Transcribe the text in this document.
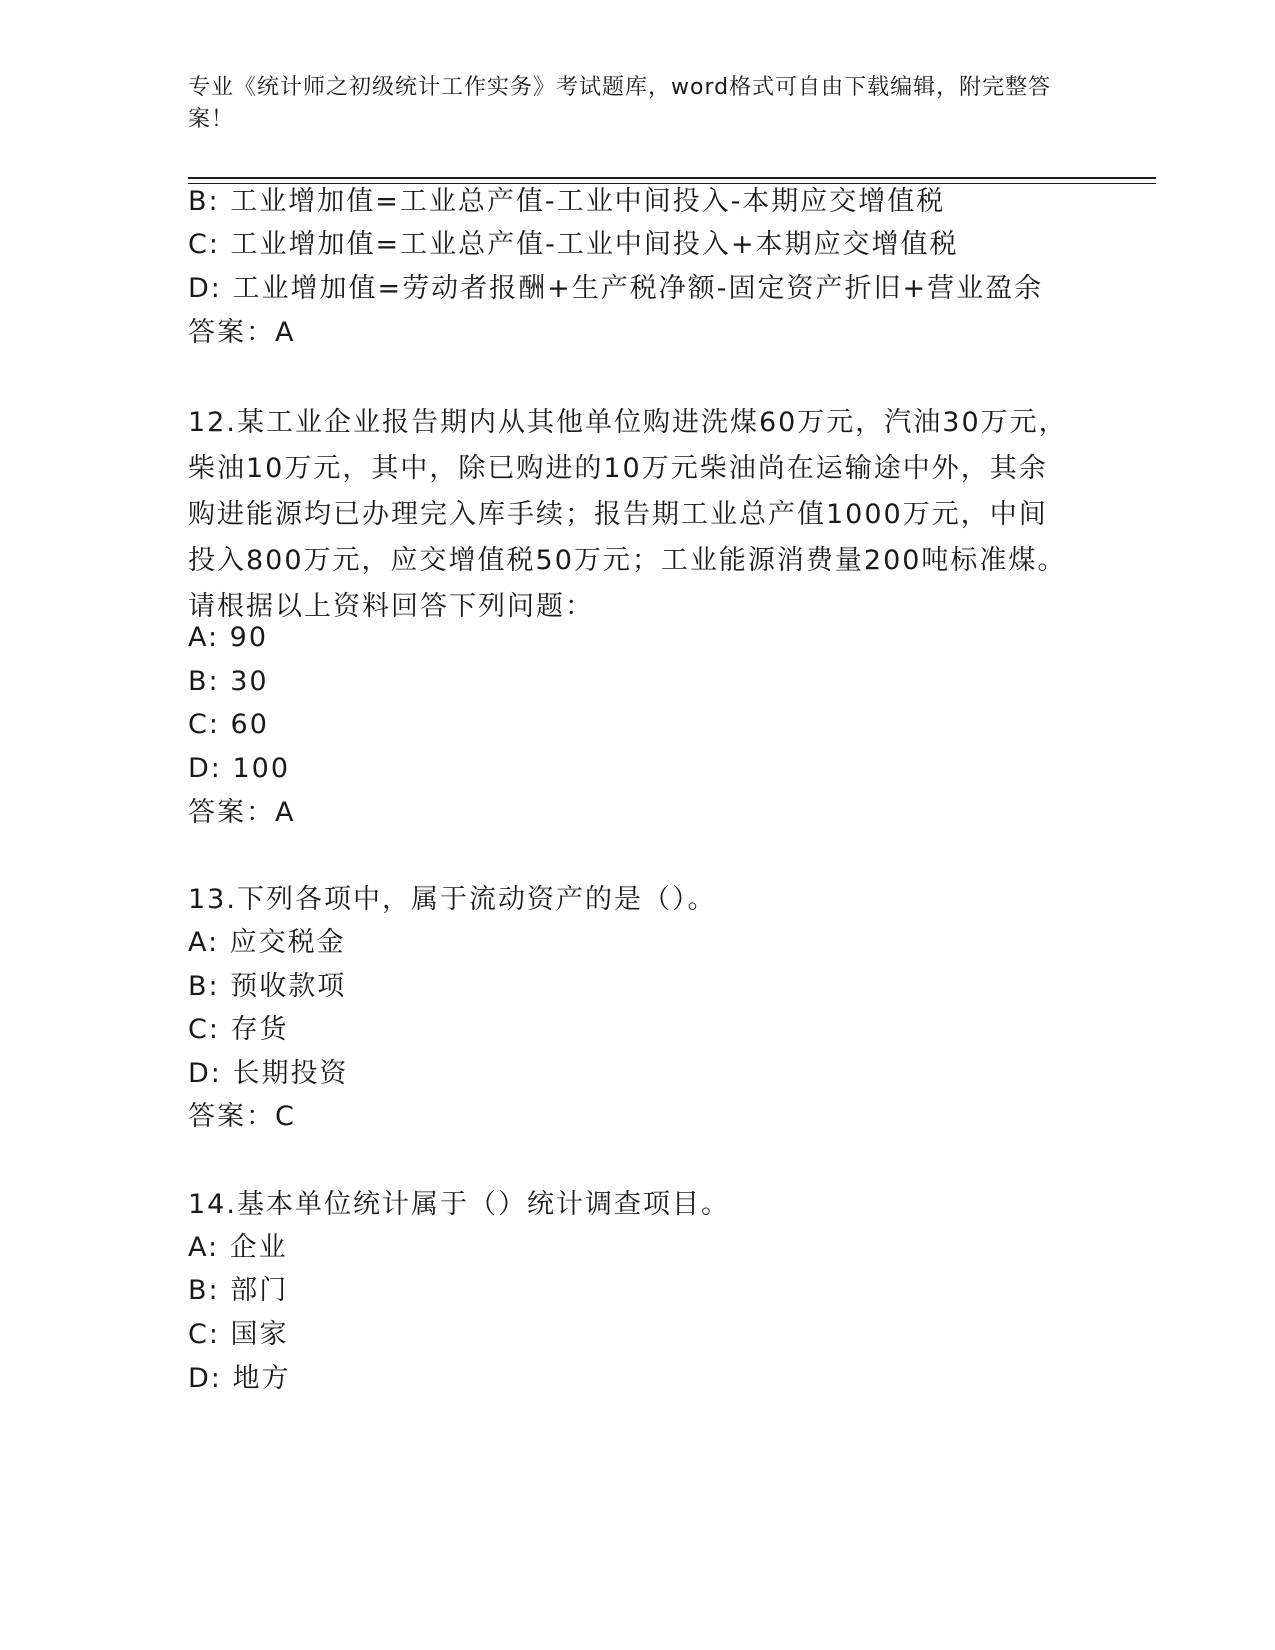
专业《统计师之初级统计工作实务》考试题库，word格式可自由下载编辑，附完整答案！
B: 工业增加值=工业总产值-工业中间投入-本期应交增值税
C: 工业增加值=工业总产值-工业中间投入+本期应交增值税
D: 工业增加值=劳动者报酬+生产税净额-固定资产折旧+营业盈余
答案：A
12.某工业企业报告期内从其他单位购进洗煤60万元，汽油30万元，柴油10万元，其中，除已购进的10万元柴油尚在运输途中外，其余购进能源均已办理完入库手续；报告期工业总产值1000万元，中间投入800万元，应交增值税50万元；工业能源消费量200吨标准煤。请根据以上资料回答下列问题：
A: 90
B: 30
C: 60
D: 100
答案：A
13.下列各项中，属于流动资产的是（）。
A: 应交税金
B: 预收款项
C: 存货
D: 长期投资
答案：C
14.基本单位统计属于（）统计调查项目。
A: 企业
B: 部门
C: 国家
D: 地方
